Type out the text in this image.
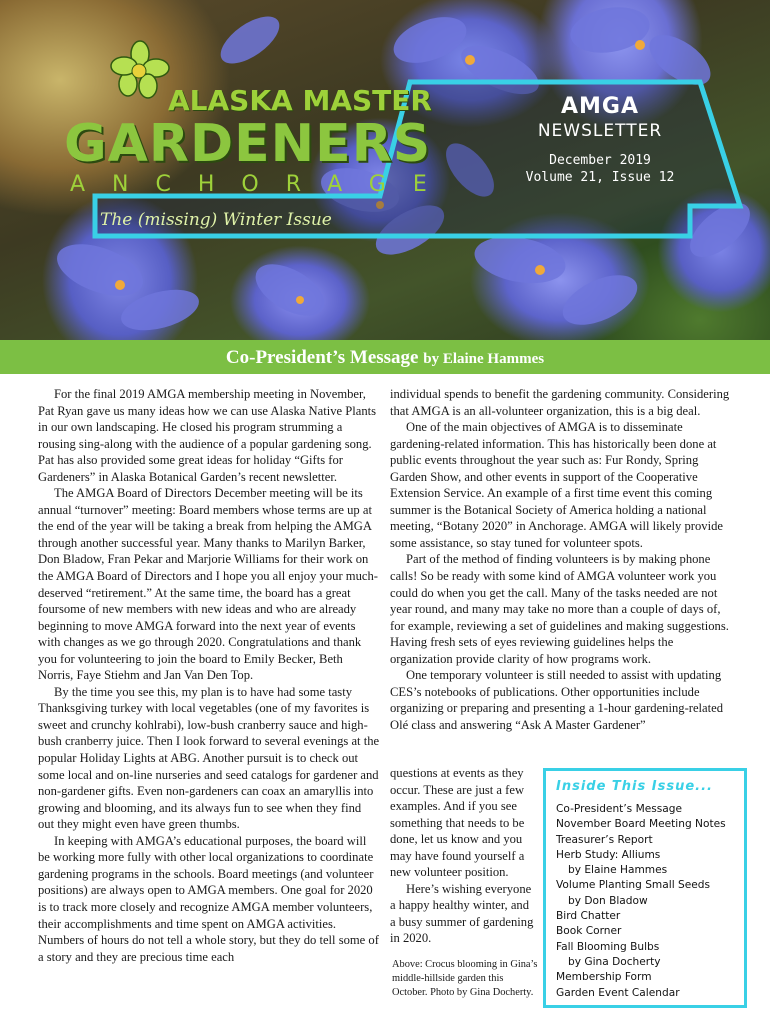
ALASKA MASTER
GARDENERS
ANCHORAGE
AMGA
NEWSLETTER
December 2019
Volume 21, Issue 12
The (missing) Winter Issue
Co-President’s Message by Elaine Hammes

For the final 2019 AMGA membership meeting in November, Pat Ryan gave us many ideas how we can use Alaska Native Plants in our own landscaping. He closed his program strumming a rousing sing-along with the audience of a popular gardening song. Pat has also provided some great ideas for holiday “Gifts for Gardeners” in Alaska Botanical Garden’s recent newsletter.

The AMGA Board of Directors December meeting will be its annual “turnover” meeting: Board members whose terms are up at the end of the year will be taking a break from helping the AMGA through another successful year. Many thanks to Marilyn Barker, Don Bladow, Fran Pekar and Marjorie Williams for their work on the AMGA Board of Directors and I hope you all enjoy your much-deserved “retirement.” At the same time, the board has a great foursome of new members with new ideas and who are already beginning to move AMGA forward into the next year of events with changes as we go through 2020. Congratulations and thank you for volunteering to join the board to Emily Becker, Beth Norris, Faye Stiehm and Jan Van Den Top.

By the time you see this, my plan is to have had some tasty Thanksgiving turkey with local vegetables (one of my favorites is sweet and crunchy kohlrabi), low-bush cranberry sauce and high-bush cranberry juice. Then I look forward to several evenings at the popular Holiday Lights at ABG. Another pursuit is to check out some local and on-line nurseries and seed catalogs for gardener and non-gardener gifts. Even non-gardeners can coax an amaryllis into growing and blooming, and its always fun to see when they find out they might even have green thumbs.

In keeping with AMGA’s educational purposes, the board will be working more fully with other local organizations to coordinate gardening programs in the schools. Board meetings (and volunteer positions) are always open to AMGA members. One goal for 2020 is to track more closely and recognize AMGA member volunteers, their accomplishments and time spent on AMGA activities. Numbers of hours do not tell a whole story, but they do tell some of a story and they are precious time each

individual spends to benefit the gardening community. Considering that AMGA is an all-volunteer organization, this is a big deal.

One of the main objectives of AMGA is to disseminate gardening-related information. This has historically been done at public events throughout the year such as: Fur Rondy, Spring Garden Show, and other events in support of the Cooperative Extension Service. An example of a first time event this coming summer is the Botanical Society of America holding a national meeting, “Botany 2020” in Anchorage. AMGA will likely provide some assistance, so stay tuned for volunteer spots.

Part of the method of finding volunteers is by making phone calls! So be ready with some kind of AMGA volunteer work you could do when you get the call. Many of the tasks needed are not year round, and many may take no more than a couple of days of, for example, reviewing a set of guidelines and making suggestions. Having fresh sets of eyes reviewing guidelines helps the organization provide clarity of how programs work.

One temporary volunteer is still needed to assist with updating CES’s notebooks of publications. Other opportunities include organizing or preparing and presenting a 1-hour gardening-related Olé class and answering “Ask A Master Gardener”

questions at events as they occur. These are just a few examples. And if you see something that needs to be done, let us know and you may have found yourself a new volunteer position.

Here’s wishing everyone a happy healthy winter, and a busy summer of gardening in 2020.

Above: Crocus blooming in Gina’s middle-hillside garden this October. Photo by Gina Docherty.
Inside This Issue...
Co-President’s Message
November Board Meeting Notes
Treasurer’s Report
Herb Study: Alliums
by Elaine Hammes
Volume Planting Small Seeds
by Don Bladow
Bird Chatter
Book Corner
Fall Blooming Bulbs
by Gina Docherty
Membership Form
Garden Event Calendar
